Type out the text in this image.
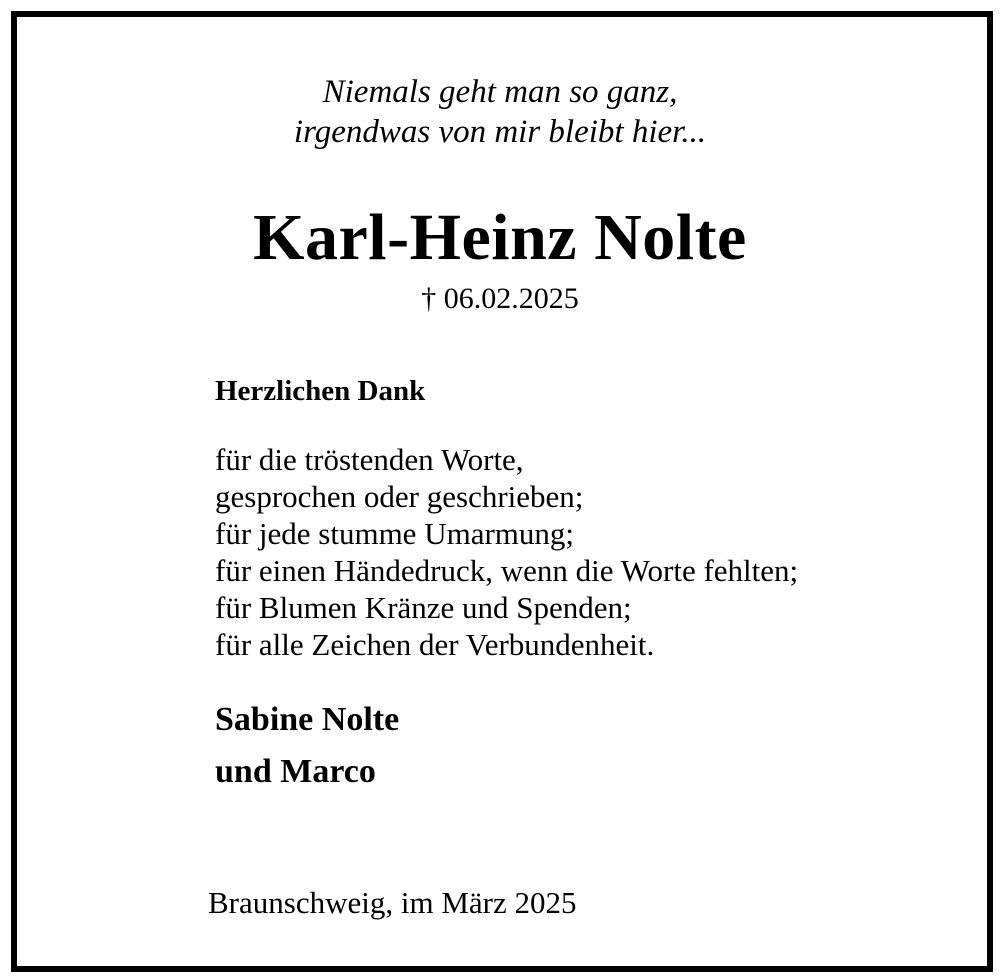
Niemals geht man so ganz,
irgendwas von mir bleibt hier...
Karl-Heinz Nolte
† 06.02.2025
Herzlichen Dank
für die tröstenden Worte,
gesprochen oder geschrieben;
für jede stumme Umarmung;
für einen Händedruck, wenn die Worte fehlten;
für Blumen Kränze und Spenden;
für alle Zeichen der Verbundenheit.
Sabine Nolte
und Marco
Braunschweig, im März 2025
